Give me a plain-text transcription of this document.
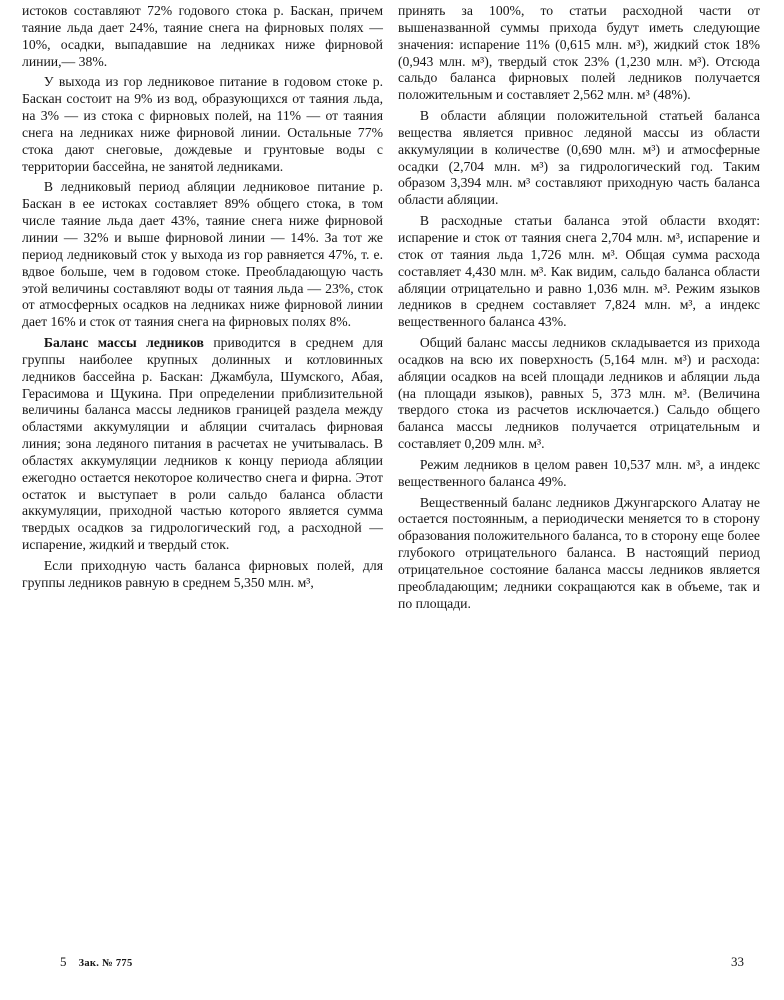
истоков составляют 72% годового стока р. Баскан, причем таяние льда дает 24%, таяние снега на фирновых полях — 10%, осадки, выпадавшие на ледниках ниже фирновой линии,— 38%.

У выхода из гор ледниковое питание в годовом стоке р. Баскан состоит на 9% из вод, образующихся от таяния льда, на 3% — из стока с фирновых полей, на 11% — от таяния снега на ледниках ниже фирновой линии. Остальные 77% стока дают снеговые, дождевые и грунтовые воды с территории бассейна, не занятой ледниками.

В ледниковый период абляции ледниковое питание р. Баскан в ее истоках составляет 89% общего стока, в том числе таяние льда дает 43%, таяние снега ниже фирновой линии — 32% и выше фирновой линии — 14%. За тот же период ледниковый сток у выхода из гор равняется 47%, т. е. вдвое больше, чем в годовом стоке. Преобладающую часть этой величины составляют воды от таяния льда — 23%, сток от атмосферных осадков на ледниках ниже фирновой линии дает 16% и сток от таяния снега на фирновых полях 8%.

Баланс массы ледников приводится в среднем для группы наиболее крупных долинных и котловинных ледников бассейна р. Баскан: Джамбула, Шумского, Абая, Герасимова и Щукина. При определении приблизительной величины баланса массы ледников границей раздела между областями аккумуляции и абляции считалась фирновая линия; зона ледяного питания в расчетах не учитывалась. В областях аккумуляции ледников к концу периода абляции ежегодно остается некоторое количество снега и фирна. Этот остаток и выступает в роли сальдо баланса области аккумуляции, приходной частью которого является сумма твердых осадков за гидрологический год, а расходной — испарение, жидкий и твердый сток.

Если приходную часть баланса фирновых полей, для группы ледников равную в среднем 5,350 млн. м³,

принять за 100%, то статьи расходной части от вышеназванной суммы прихода будут иметь следующие значения: испарение 11% (0,615 млн. м³), жидкий сток 18% (0,943 млн. м³), твердый сток 23% (1,230 млн. м³). Отсюда сальдо баланса фирновых полей ледников получается положительным и составляет 2,562 млн. м³ (48%).

В области абляции положительной статьей баланса вещества является привнос ледяной массы из области аккумуляции в количестве (0,690 млн. м³) и атмосферные осадки (2,704 млн. м³) за гидрологический год. Таким образом 3,394 млн. м³ составляют приходную часть баланса области абляции.

В расходные статьи баланса этой области входят: испарение и сток от таяния снега 2,704 млн. м³, испарение и сток от таяния льда 1,726 млн. м³. Общая сумма расхода составляет 4,430 млн. м³. Как видим, сальдо баланса области абляции отрицательно и равно 1,036 млн. м³. Режим языков ледников в среднем составляет 7,824 млн. м³, а индекс вещественного баланса 43%.

Общий баланс массы ледников складывается из прихода осадков на всю их поверхность (5,164 млн. м³) и расхода: абляции осадков на всей площади ледников и абляции льда (на площади языков), равных 5, 373 млн. м³. (Величина твердого стока из расчетов исключается.) Сальдо общего баланса массы ледников получается отрицательным и составляет 0,209 млн. м³.

Режим ледников в целом равен 10,537 млн. м³, а индекс вещественного баланса 49%.

Вещественный баланс ледников Джунгарского Алатау не остается постоянным, а периодически меняется то в сторону образования положительного баланса, то в сторону еще более глубокого отрицательного баланса. В настоящий период отрицательное состояние баланса массы ледников является преобладающим; ледники сокращаются как в объеме, так и по площади.

5 Зак. № 775	33
